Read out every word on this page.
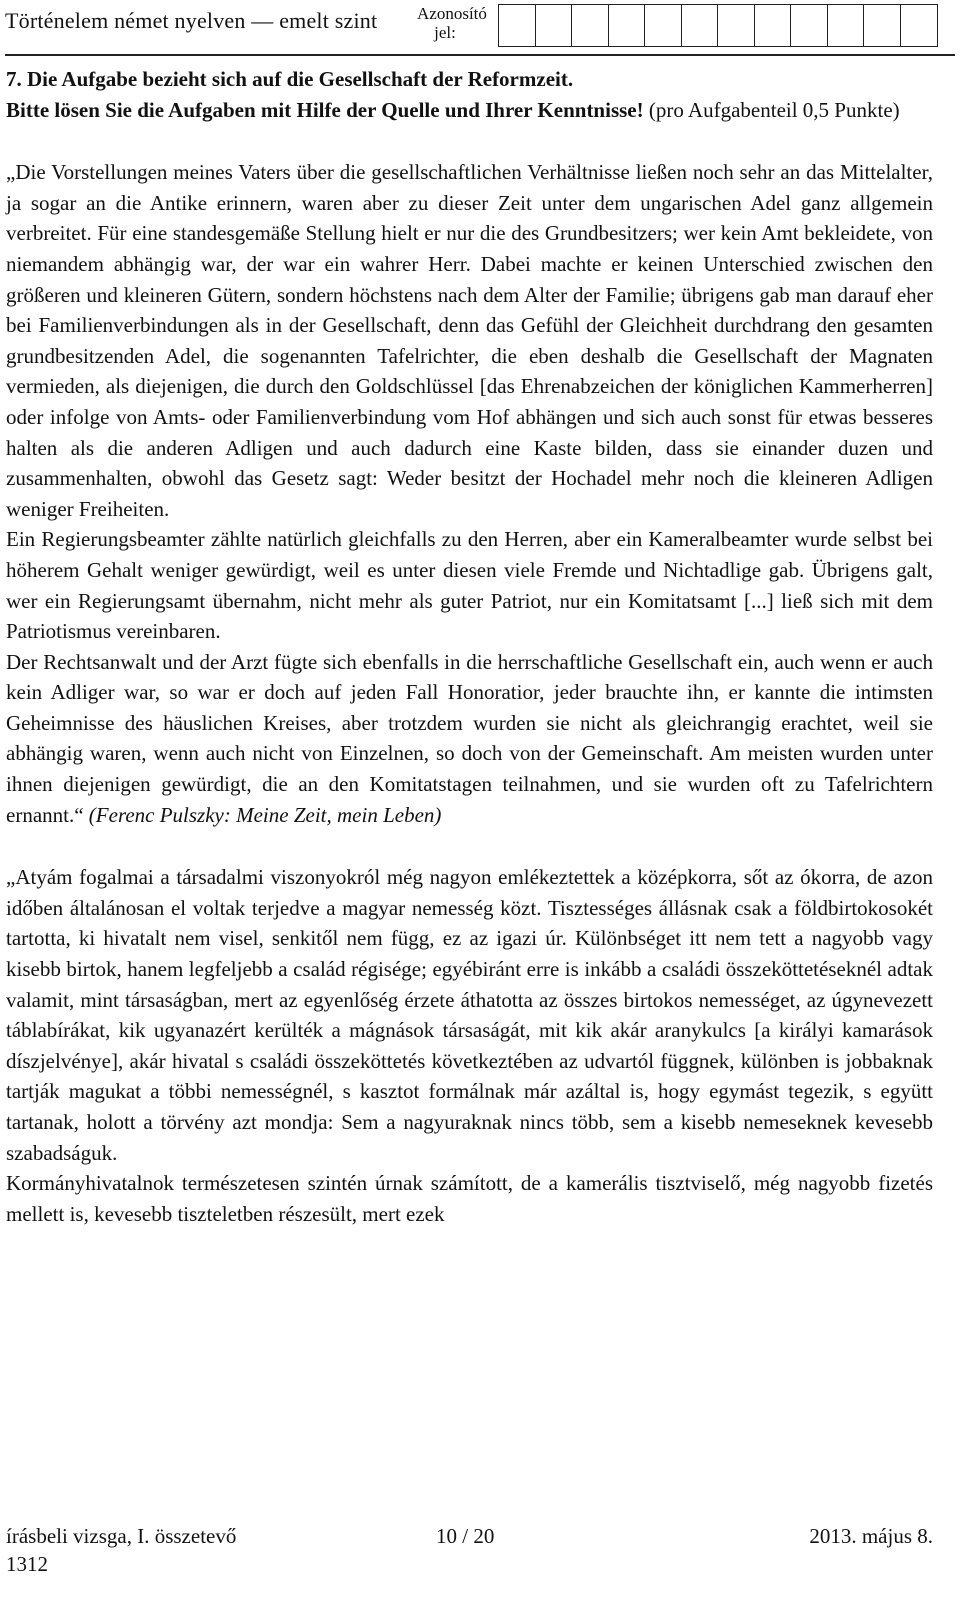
Történelem német nyelven — emelt szint Azonosító
jel:

7. Die Aufgabe bezieht sich auf die Gesellschaft der Reformzeit.
Bitte lösen Sie die Aufgaben mit Hilfe der Quelle und Ihrer Kenntnisse! (pro Aufgabenteil 0,5 Punkte)

„Die Vorstellungen meines Vaters über die gesellschaftlichen Verhältnisse ließen noch sehr an das Mittelalter, ja sogar an die Antike erinnern, waren aber zu dieser Zeit unter dem ungarischen Adel ganz allgemein verbreitet. Für eine standesgemäße Stellung hielt er nur die des Grundbesitzers; wer kein Amt bekleidete, von niemandem abhängig war, der war ein wahrer Herr. Dabei machte er keinen Unterschied zwischen den größeren und kleineren Gütern, sondern höchstens nach dem Alter der Familie; übrigens gab man darauf eher bei Familienverbindungen als in der Gesellschaft, denn das Gefühl der Gleichheit durchdrang den gesamten grundbesitzenden Adel, die sogenannten Tafelrichter, die eben deshalb die Gesellschaft der Magnaten vermieden, als diejenigen, die durch den Goldschlüssel [das Ehrenabzeichen der königlichen Kammerherren] oder infolge von Amts- oder Familienverbindung vom Hof abhängen und sich auch sonst für etwas besseres halten als die anderen Adligen und auch dadurch eine Kaste bilden, dass sie einander duzen und zusammenhalten, obwohl das Gesetz sagt: Weder besitzt der Hochadel mehr noch die kleineren Adligen weniger Freiheiten.

Ein Regierungsbeamter zählte natürlich gleichfalls zu den Herren, aber ein Kameralbeamter wurde selbst bei höherem Gehalt weniger gewürdigt, weil es unter diesen viele Fremde und Nichtadlige gab. Übrigens galt, wer ein Regierungsamt übernahm, nicht mehr als guter Patriot, nur ein Komitatsamt [...] ließ sich mit dem Patriotismus vereinbaren.

Der Rechtsanwalt und der Arzt fügte sich ebenfalls in die herrschaftliche Gesellschaft ein, auch wenn er auch kein Adliger war, so war er doch auf jeden Fall Honoratior, jeder brauchte ihn, er kannte die intimsten Geheimnisse des häuslichen Kreises, aber trotzdem wurden sie nicht als gleichrangig erachtet, weil sie abhängig waren, wenn auch nicht von Einzelnen, so doch von der Gemeinschaft. Am meisten wurden unter ihnen diejenigen gewürdigt, die an den Komitatstagen teilnahmen, und sie wurden oft zu Tafelrichtern ernannt.“ (Ferenc Pulszky: Meine Zeit, mein Leben)

„Atyám fogalmai a társadalmi viszonyokról még nagyon emlékeztettek a középkorra, sőt az ókorra, de azon időben általánosan el voltak terjedve a magyar nemesség közt. Tisztességes állásnak csak a földbirtokosokét tartotta, ki hivatalt nem visel, senkitől nem függ, ez az igazi úr. Különbséget itt nem tett a nagyobb vagy kisebb birtok, hanem legfeljebb a család régisége; egyébiránt erre is inkább a családi összeköttetéseknél adtak valamit, mint társaságban, mert az egyenlőség érzete áthatotta az összes birtokos nemességet, az úgynevezett táblabírákat, kik ugyanazért kerülték a mágnások társaságát, mit kik akár aranykulcs [a királyi kamarások díszjelvénye], akár hivatal s családi összeköttetés következtében az udvartól függnek, különben is jobbaknak tartják magukat a többi nemességnél, s kasztot formálnak már azáltal is, hogy egymást tegezik, s együtt tartanak, holott a törvény azt mondja: Sem a nagyuraknak nincs több, sem a kisebb nemeseknek kevesebb szabadságuk.

Kormányhivatalnok természetesen szintén úrnak számított, de a kamerális tisztviselő, még nagyobb fizetés mellett is, kevesebb tiszteletben részesült, mert ezek

írásbeli vizsga, I. összetevő	10 / 20	2013. május 8.
1312
